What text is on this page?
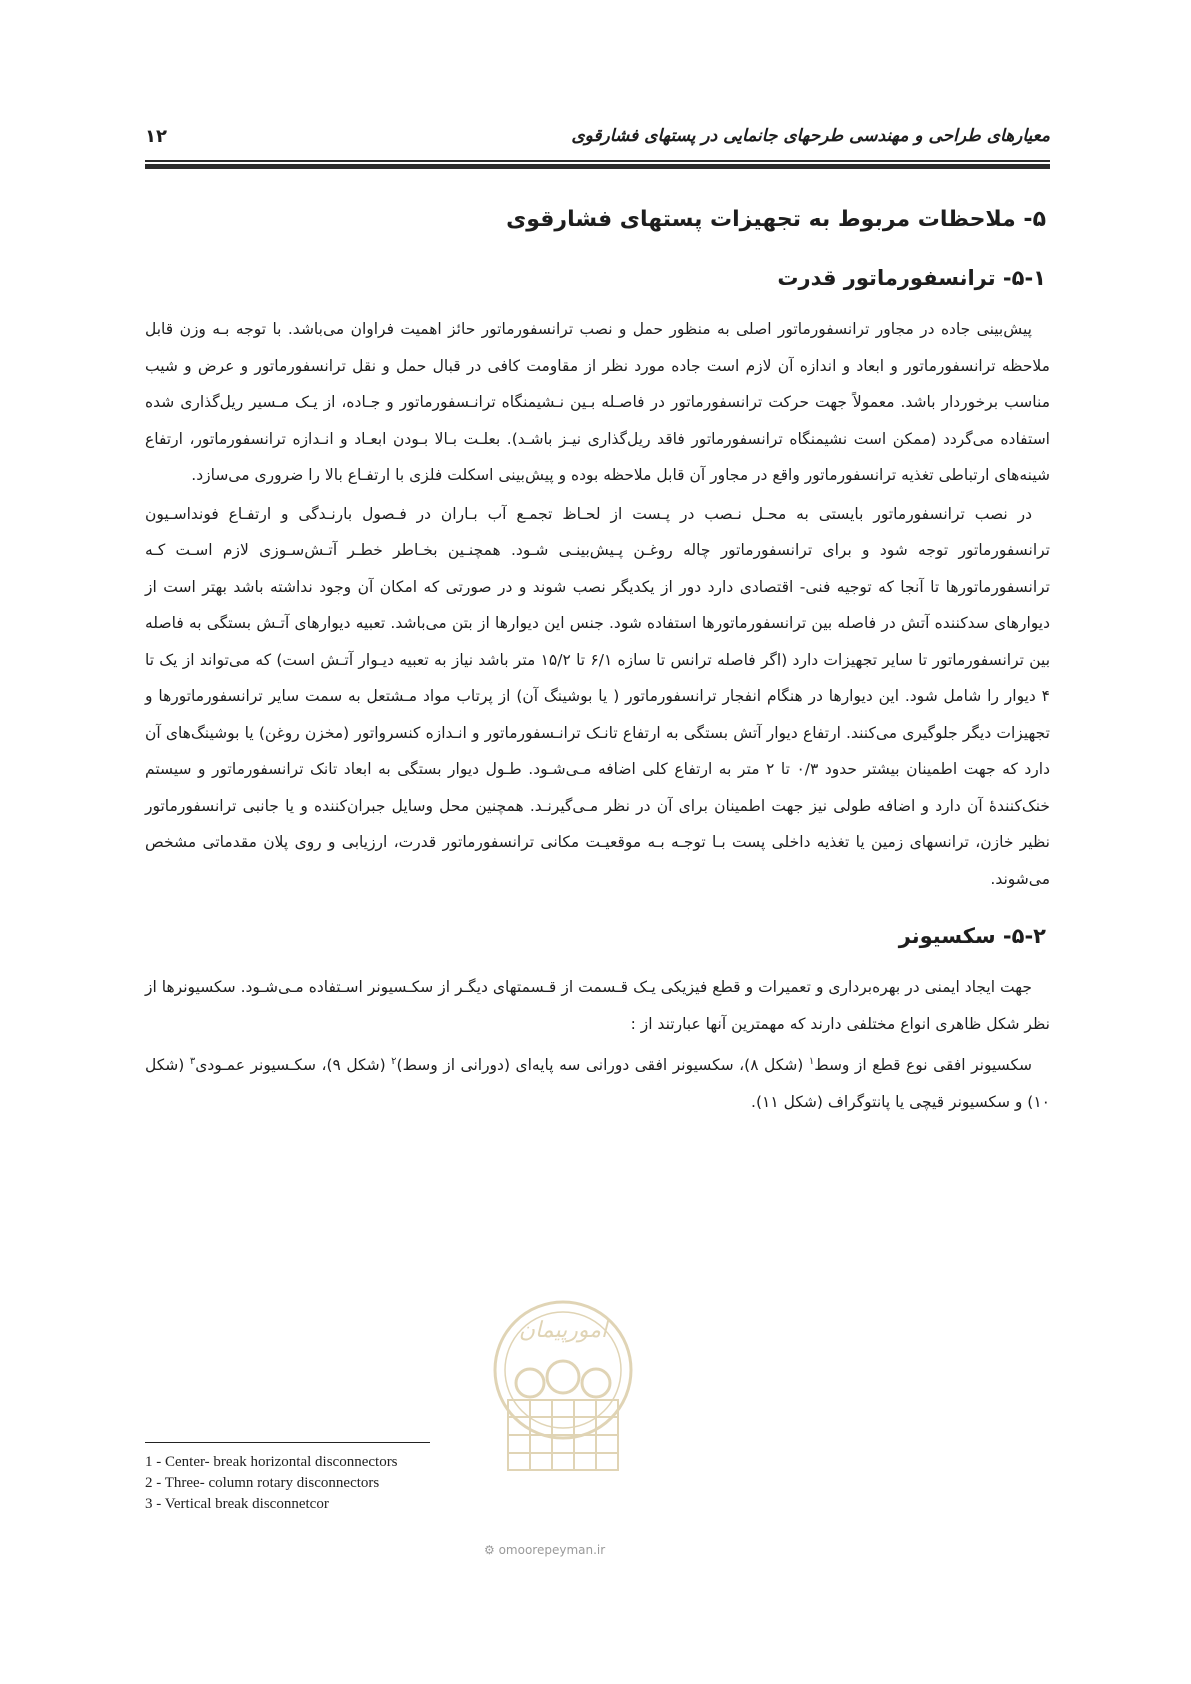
۱۲	معیارهای طراحی و مهندسی طرحهای جانمایی در پستهای فشارقوی
۵- ملاحظات مربوط به تجهیزات پستهای فشارقوی
۵-۱- ترانسفورماتور قدرت

پیش‌بینی جاده در مجاور ترانسفورماتور اصلی به منظور حمل و نصب ترانسفورماتور حائز اهمیت فراوان می‌باشد. با توجه بـه وزن قابل ملاحظه ترانسفورماتور و ابعاد و اندازه آن لازم است جاده مورد نظر از مقاومت کافی در قبال حمل و نقل ترانسفورماتور و عرض و شیب مناسب برخوردار باشد. معمولاً جهت حرکت ترانسفورماتور در فاصـله بـین نـشیمنگاه ترانـسفورماتور و جـاده، از یـک مـسیر ریل‌گذاری شده استفاده می‌گردد (ممکن است نشیمنگاه ترانسفورماتور فاقد ریل‌گذاری نیـز باشـد). بعلـت بـالا بـودن ابعـاد و انـدازه ترانسفورماتور، ارتفاع شینه‌های ارتباطی تغذیه ترانسفورماتور واقع در مجاور آن قابل ملاحظه بوده و پیش‌بینی اسکلت فلزی با ارتفـاع بالا را ضروری می‌سازد.

در نصب ترانسفورماتور بایستی به محـل نـصب در پـست از لحـاظ تجمـع آب بـاران در فـصول بارنـدگی و ارتفـاع فونداسـیون ترانسفورماتور توجه شود و برای ترانسفورماتور چاله روغـن پـیش‌بینـی شـود. همچنـین بخـاطر خطـر آتـش‌سـوزی لازم اسـت کـه ترانسفورماتورها تا آنجا که توجیه فنی- اقتصادی دارد دور از یکدیگر نصب شوند و در صورتی که امکان آن وجود نداشته باشد بهتر است از دیوارهای سدکننده آتش در فاصله بین ترانسفورماتورها استفاده شود. جنس این دیوارها از بتن می‌باشد. تعبیه دیوارهای آتـش بستگی به فاصله بین ترانسفورماتور تا سایر تجهیزات دارد (اگر فاصله ترانس تا سازه ۶/۱ تا ۱۵/۲ متر باشد نیاز به تعبیه دیـوار آتـش است) که می‌تواند از یک تا ۴ دیوار را شامل شود. این دیوارها در هنگام انفجار ترانسفورماتور ( یا بوشینگ آن) از پرتاب مواد مـشتعل به سمت سایر ترانسفورماتورها و تجهیزات دیگر جلوگیری می‌کنند. ارتفاع دیوار آتش بستگی به ارتفاع تانـک ترانـسفورماتور و انـدازه کنسرواتور (مخزن روغن) یا بوشینگ‌های آن دارد که جهت اطمینان بیشتر حدود ۰/۳ تا ۲ متر به ارتفاع کلی اضافه مـی‌شـود. طـول دیوار بستگی به ابعاد تانک ترانسفورماتور و سیستم خنک‌کنندهٔ آن دارد و اضافه طولی نیز جهت اطمینان برای آن در نظر مـی‌گیرنـد. همچنین محل وسایل جبران‌کننده و یا جانبی ترانسفورماتور نظیر خازن، ترانسهای زمین یا تغذیه داخلی پست بـا توجـه بـه موقعیـت مکانی ترانسفورماتور قدرت، ارزیابی و روی پلان مقدماتی مشخص می‌شوند.

۵-۲- سکسیونر

جهت ایجاد ایمنی در بهره‌برداری و تعمیرات و قطع فیزیکی یـک قـسمت از قـسمتهای دیگـر از سکـسیونر اسـتفاده مـی‌شـود. سکسیونرها از نظر شکل ظاهری انواع مختلفی دارند که مهمترین آنها عبارتند از :

سکسیونر افقی نوع قطع از وسط$^۱$ (شکل ۸)، سکسیونر افقی دورانی سه پایه‌ای (دورانی از وسط)$^۲$ (شکل ۹)، سکـسیونر عمـودی$^۳$ (شکل ۱۰) و سکسیونر قیچی یا پانتوگراف (شکل ۱۱).

امورپیمان
⚙ omoorepeyman.ir
1 - Center- break horizontal disconnectors
2 - Three- column rotary disconnectors
3 - Vertical break disconnetcor
